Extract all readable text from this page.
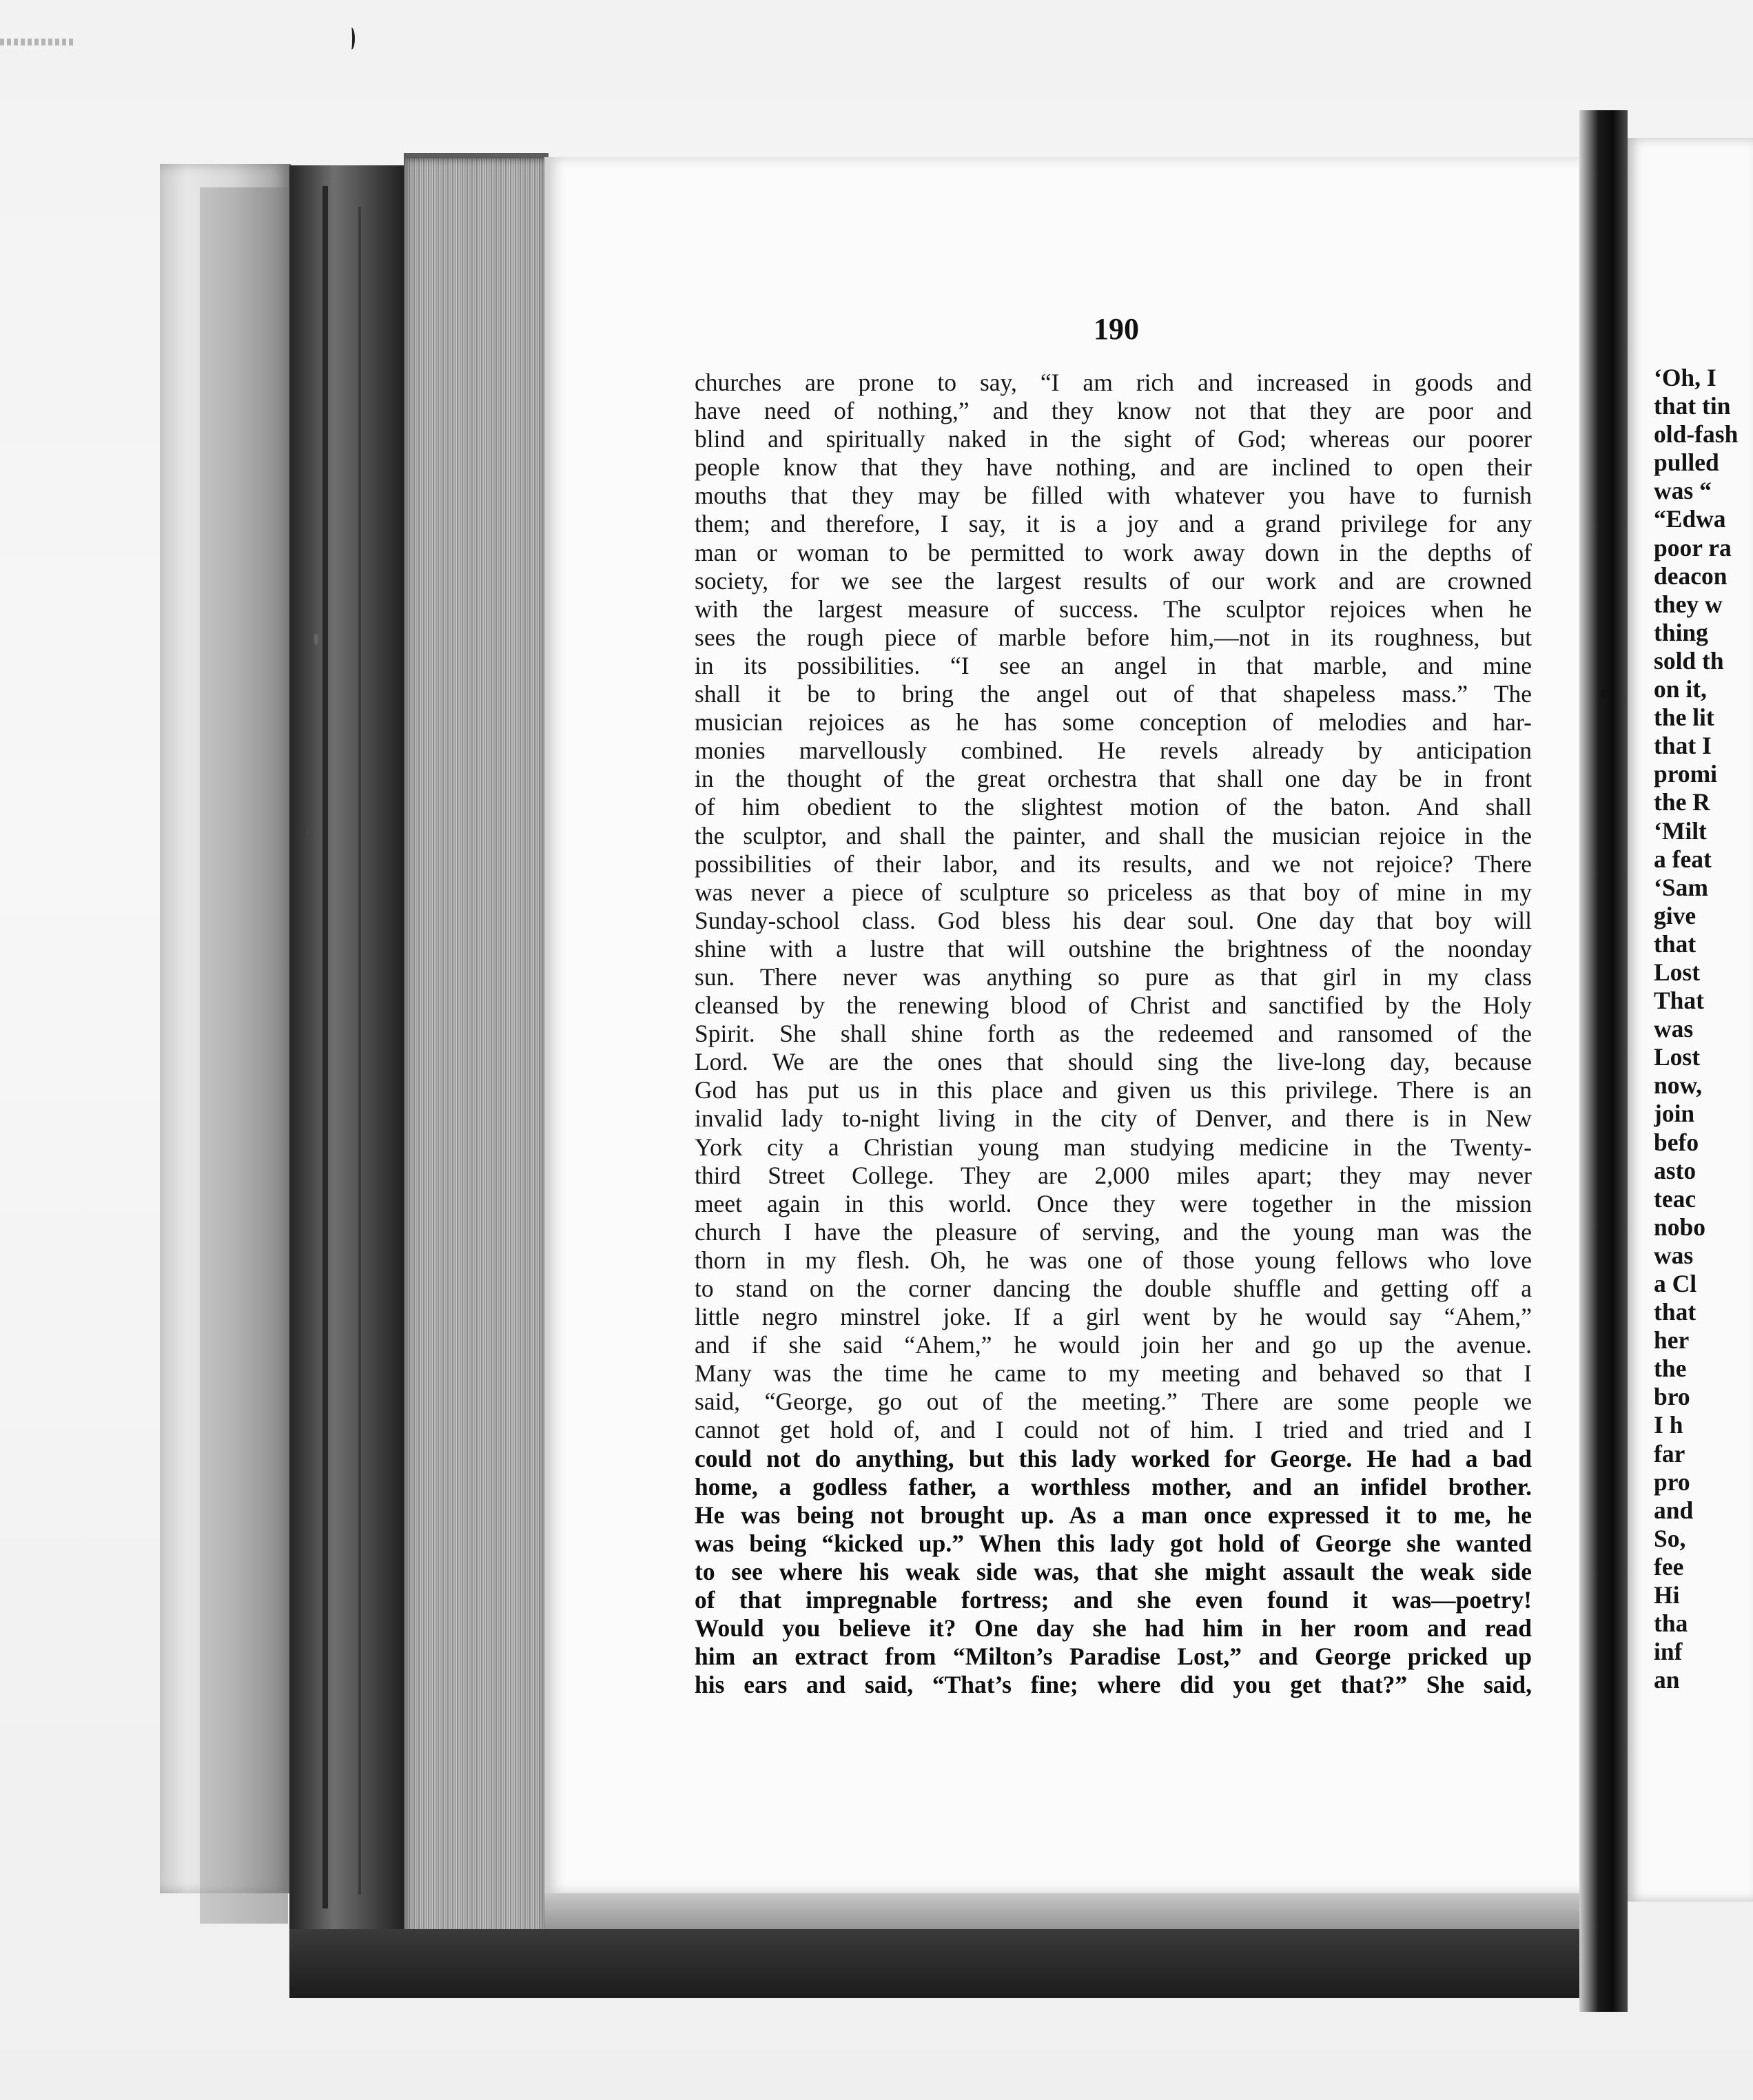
190
churches are prone to say, “I am rich and increased in goods and
have need of nothing,” and they know not that they are poor and
blind and spiritually naked in the sight of God; whereas our poorer
people know that they have nothing, and are inclined to open their
mouths that they may be filled with whatever you have to furnish
them; and therefore, I say, it is a joy and a grand privilege for any
man or woman to be permitted to work away down in the depths of
society, for we see the largest results of our work and are crowned
with the largest measure of success. The sculptor rejoices when he
sees the rough piece of marble before him,—not in its roughness, but
in its possibilities. “I see an angel in that marble, and mine
shall it be to bring the angel out of that shapeless mass.” The
musician rejoices as he has some conception of melodies and har-
monies marvellously combined. He revels already by anticipation
in the thought of the great orchestra that shall one day be in front
of him obedient to the slightest motion of the baton. And shall
the sculptor, and shall the painter, and shall the musician rejoice in the
possibilities of their labor, and its results, and we not rejoice? There
was never a piece of sculpture so priceless as that boy of mine in my
Sunday-school class. God bless his dear soul. One day that boy will
shine with a lustre that will outshine the brightness of the noonday
sun. There never was anything so pure as that girl in my class
cleansed by the renewing blood of Christ and sanctified by the Holy
Spirit. She shall shine forth as the redeemed and ransomed of the
Lord. We are the ones that should sing the live-long day, because
God has put us in this place and given us this privilege. There is an
invalid lady to-night living in the city of Denver, and there is in New
York city a Christian young man studying medicine in the Twenty-
third Street College. They are 2,000 miles apart; they may never
meet again in this world. Once they were together in the mission
church I have the pleasure of serving, and the young man was the
thorn in my flesh. Oh, he was one of those young fellows who love
to stand on the corner dancing the double shuffle and getting off a
little negro minstrel joke. If a girl went by he would say “Ahem,”
and if she said “Ahem,” he would join her and go up the avenue.
Many was the time he came to my meeting and behaved so that I
said, “George, go out of the meeting.” There are some people we
cannot get hold of, and I could not of him. I tried and tried and I
could not do anything, but this lady worked for George. He had a bad
home, a godless father, a worthless mother, and an infidel brother.
He was being not brought up. As a man once expressed it to me, he
was being “kicked up.” When this lady got hold of George she wanted
to see where his weak side was, that she might assault the weak side
of that impregnable fortress; and she even found it was—poetry!
Would you believe it? One day she had him in her room and read
him an extract from “Milton’s Paradise Lost,” and George pricked up
his ears and said, “That’s fine; where did you get that?” She said,
‘Oh, I
that tin
old-fash
pulled
was “
“Edwa
poor ra
deacon
they w
thing
sold th
on it,
the lit
that I
promi
the R
‘Milt
a feat
‘Sam
give
that
Lost
That
was
Lost
now,
join
befo
asto
teac
nobo
was
a Cl
that
her
the
bro
I h
far
pro
and
So,
fee
Hi
tha
inf
an
